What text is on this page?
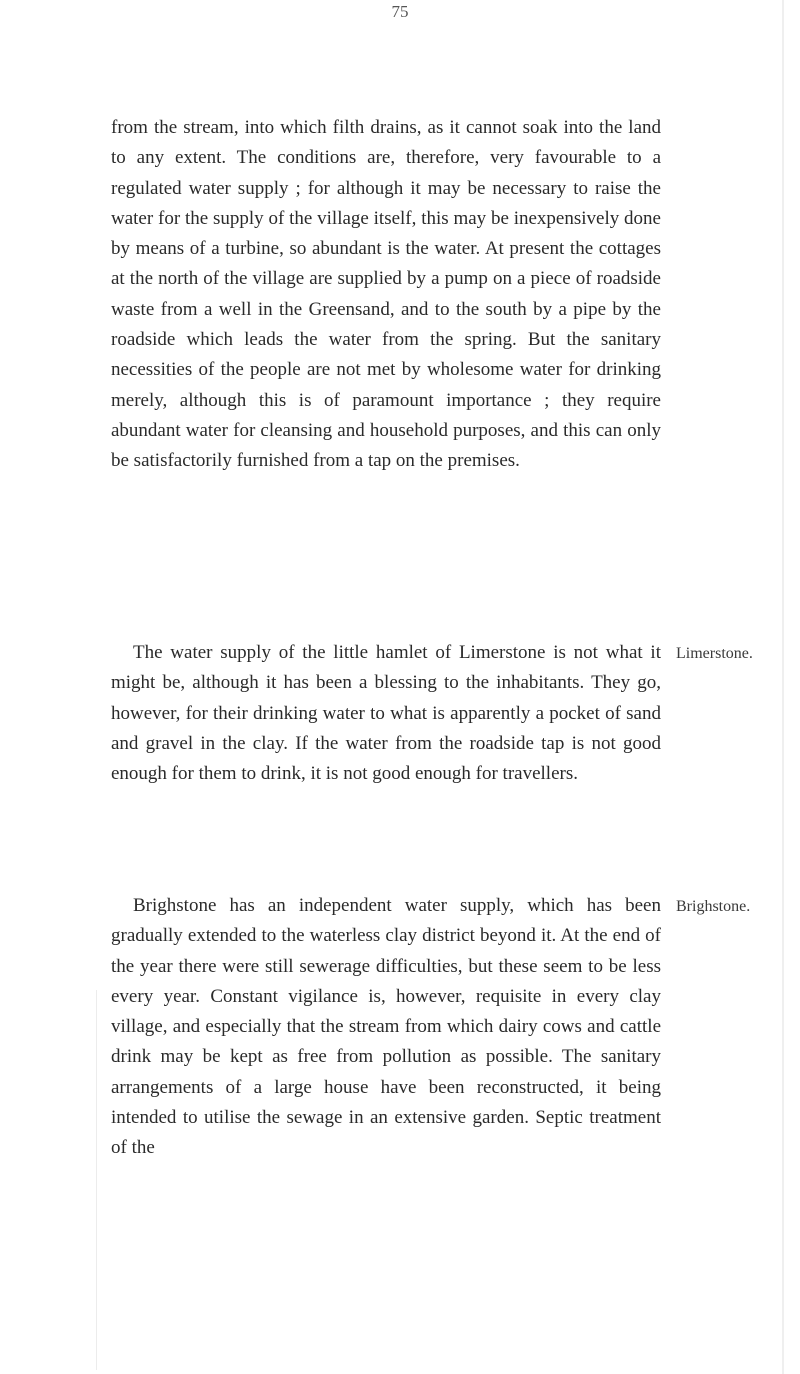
75

from the stream, into which filth drains, as it cannot soak into the land to any extent. The conditions are, therefore, very favourable to a regulated water supply ; for although it may be necessary to raise the water for the supply of the village itself, this may be inexpensively done by means of a turbine, so abundant is the water. At present the cottages at the north of the village are supplied by a pump on a piece of roadside waste from a well in the Greensand, and to the south by a pipe by the roadside which leads the water from the spring. But the sanitary necessities of the people are not met by wholesome water for drinking merely, although this is of paramount importance ; they require abundant water for cleansing and household purposes, and this can only be satisfactorily furnished from a tap on the premises.

The water supply of the little hamlet of Limerstone is not what it might be, although it has been a blessing to the inhabitants. They go, however, for their drinking water to what is apparently a pocket of sand and gravel in the clay. If the water from the roadside tap is not good enough for them to drink, it is not good enough for travellers.

Limerstone.

Brighstone has an independent water supply, which has been gradually extended to the waterless clay district beyond it. At the end of the year there were still sewerage difficulties, but these seem to be less every year. Constant vigilance is, however, requisite in every clay village, and especially that the stream from which dairy cows and cattle drink may be kept as free from pollution as possible. The sanitary arrangements of a large house have been reconstructed, it being intended to utilise the sewage in an extensive garden. Septic treatment of the

Brighstone.
